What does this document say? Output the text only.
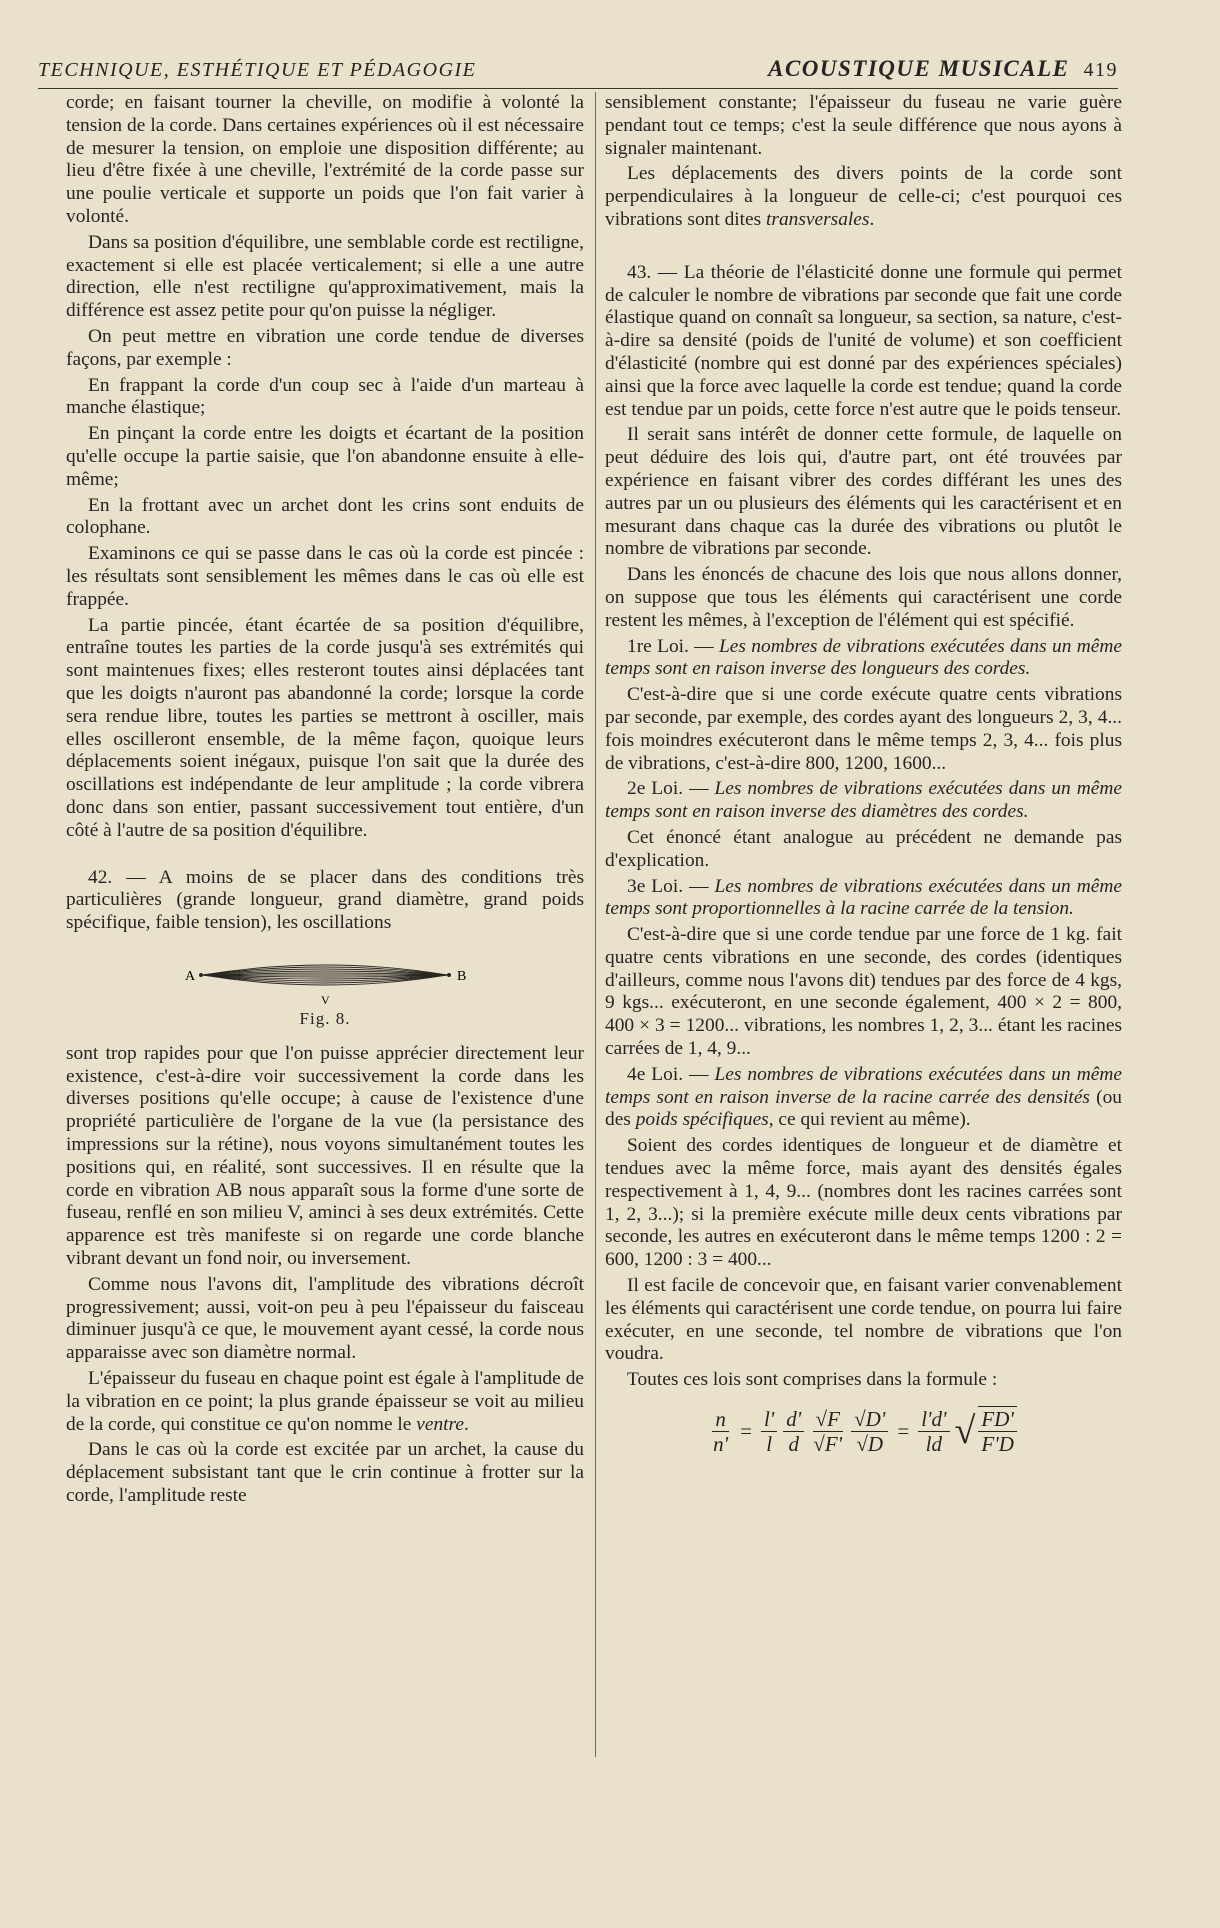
TECHNIQUE, ESTHÉTIQUE ET PÉDAGOGIE	ACOUSTIQUE MUSICALE 419

corde; en faisant tourner la cheville, on modifie à volonté la tension de la corde. Dans certaines expériences où il est nécessaire de mesurer la tension, on emploie une disposition différente; au lieu d'être fixée à une cheville, l'extrémité de la corde passe sur une poulie verticale et supporte un poids que l'on fait varier à volonté.

Dans sa position d'équilibre, une semblable corde est rectiligne, exactement si elle est placée verticalement; si elle a une autre direction, elle n'est rectiligne qu'approximativement, mais la différence est assez petite pour qu'on puisse la négliger.

On peut mettre en vibration une corde tendue de diverses façons, par exemple :

En frappant la corde d'un coup sec à l'aide d'un marteau à manche élastique;

En pinçant la corde entre les doigts et écartant de la position qu'elle occupe la partie saisie, que l'on abandonne ensuite à elle-même;

En la frottant avec un archet dont les crins sont enduits de colophane.

Examinons ce qui se passe dans le cas où la corde est pincée : les résultats sont sensiblement les mêmes dans le cas où elle est frappée.

La partie pincée, étant écartée de sa position d'équilibre, entraîne toutes les parties de la corde jusqu'à ses extrémités qui sont maintenues fixes; elles resteront toutes ainsi déplacées tant que les doigts n'auront pas abandonné la corde; lorsque la corde sera rendue libre, toutes les parties se mettront à osciller, mais elles oscilleront ensemble, de la même façon, quoique leurs déplacements soient inégaux, puisque l'on sait que la durée des oscillations est indépendante de leur amplitude ; la corde vibrera donc dans son entier, passant successivement tout entière, d'un côté à l'autre de sa position d'équilibre.

42. — A moins de se placer dans des conditions très particulières (grande longueur, grand diamètre, grand poids spécifique, faible tension), les oscillations

A	B
V
Fig. 8.

sont trop rapides pour que l'on puisse apprécier directement leur existence, c'est-à-dire voir successivement la corde dans les diverses positions qu'elle occupe; à cause de l'existence d'une propriété particulière de l'organe de la vue (la persistance des impressions sur la rétine), nous voyons simultanément toutes les positions qui, en réalité, sont successives. Il en résulte que la corde en vibration AB nous apparaît sous la forme d'une sorte de fuseau, renflé en son milieu V, aminci à ses deux extrémités. Cette apparence est très manifeste si on regarde une corde blanche vibrant devant un fond noir, ou inversement.

Comme nous l'avons dit, l'amplitude des vibrations décroît progressivement; aussi, voit-on peu à peu l'épaisseur du faisceau diminuer jusqu'à ce que, le mouvement ayant cessé, la corde nous apparaisse avec son diamètre normal.

L'épaisseur du fuseau en chaque point est égale à l'amplitude de la vibration en ce point; la plus grande épaisseur se voit au milieu de la corde, qui constitue ce qu'on nomme le ventre.

Dans le cas où la corde est excitée par un archet, la cause du déplacement subsistant tant que le crin continue à frotter sur la corde, l'amplitude reste

sensiblement constante; l'épaisseur du fuseau ne varie guère pendant tout ce temps; c'est la seule différence que nous ayons à signaler maintenant.

Les déplacements des divers points de la corde sont perpendiculaires à la longueur de celle-ci; c'est pourquoi ces vibrations sont dites transversales.

43. — La théorie de l'élasticité donne une formule qui permet de calculer le nombre de vibrations par seconde que fait une corde élastique quand on connaît sa longueur, sa section, sa nature, c'est-à-dire sa densité (poids de l'unité de volume) et son coefficient d'élasticité (nombre qui est donné par des expériences spéciales) ainsi que la force avec laquelle la corde est tendue; quand la corde est tendue par un poids, cette force n'est autre que le poids tenseur.

Il serait sans intérêt de donner cette formule, de laquelle on peut déduire des lois qui, d'autre part, ont été trouvées par expérience en faisant vibrer des cordes différant les unes des autres par un ou plusieurs des éléments qui les caractérisent et en mesurant dans chaque cas la durée des vibrations ou plutôt le nombre de vibrations par seconde.

Dans les énoncés de chacune des lois que nous allons donner, on suppose que tous les éléments qui caractérisent une corde restent les mêmes, à l'exception de l'élément qui est spécifié.

1re Loi. — Les nombres de vibrations exécutées dans un même temps sont en raison inverse des longueurs des cordes.

C'est-à-dire que si une corde exécute quatre cents vibrations par seconde, par exemple, des cordes ayant des longueurs 2, 3, 4... fois moindres exécuteront dans le même temps 2, 3, 4... fois plus de vibrations, c'est-à-dire 800, 1200, 1600...

2e Loi. — Les nombres de vibrations exécutées dans un même temps sont en raison inverse des diamètres des cordes.

Cet énoncé étant analogue au précédent ne demande pas d'explication.

3e Loi. — Les nombres de vibrations exécutées dans un même temps sont proportionnelles à la racine carrée de la tension.

C'est-à-dire que si une corde tendue par une force de 1 kg. fait quatre cents vibrations en une seconde, des cordes (identiques d'ailleurs, comme nous l'avons dit) tendues par des force de 4 kgs, 9 kgs... exécuteront, en une seconde également, 400 × 2 = 800, 400 × 3 = 1200... vibrations, les nombres 1, 2, 3... étant les racines carrées de 1, 4, 9...

4e Loi. — Les nombres de vibrations exécutées dans un même temps sont en raison inverse de la racine carrée des densités (ou des poids spécifiques, ce qui revient au même).

Soient des cordes identiques de longueur et de diamètre et tendues avec la même force, mais ayant des densités égales respectivement à 1, 4, 9... (nombres dont les racines carrées sont 1, 2, 3...); si la première exécute mille deux cents vibrations par seconde, les autres en exécuteront dans le même temps 1200 : 2 = 600, 1200 : 3 = 400...

Il est facile de concevoir que, en faisant varier convenablement les éléments qui caractérisent une corde tendue, on pourra lui faire exécuter, en une seconde, tel nombre de vibrations que l'on voudra.

Toutes ces lois sont comprises dans la formule :

$\frac{n}{n'} = \frac{l'}{l} \frac{d'}{d} \frac{√F}{√F'} \frac{√D'}{√D} = \frac{l'd'}{ld}$ √ $\frac{FD'}{F'D}$
